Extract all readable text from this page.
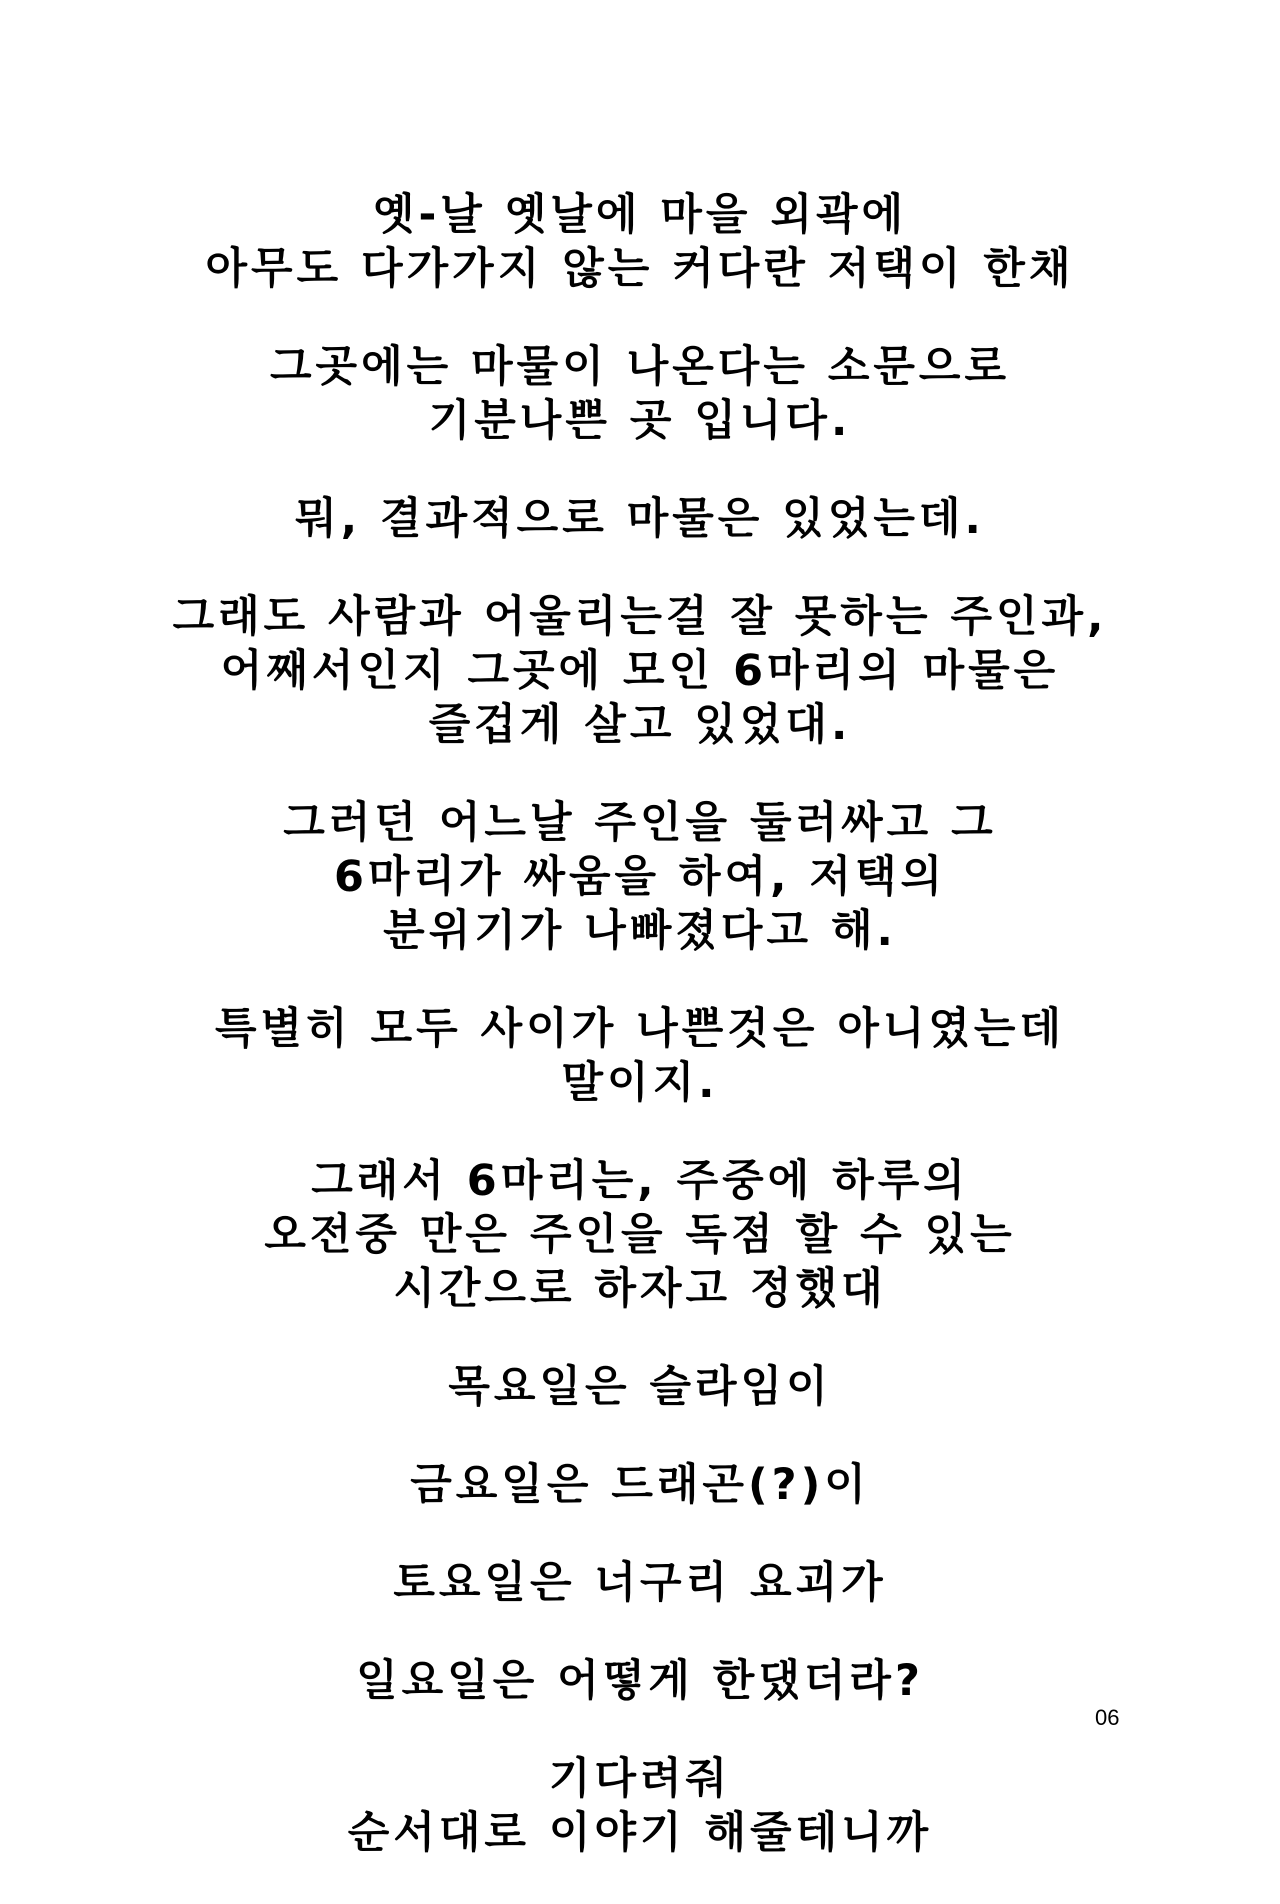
옛-날 옛날에 마을 외곽에
아무도 다가가지 않는 커다란 저택이 한채
그곳에는 마물이 나온다는 소문으로
기분나쁜 곳 입니다.
뭐, 결과적으로 마물은 있었는데.
그래도 사람과 어울리는걸 잘 못하는 주인과,
어째서인지 그곳에 모인 6마리의 마물은
즐겁게 살고 있었대.
그러던 어느날 주인을 둘러싸고 그
6마리가 싸움을 하여, 저택의
분위기가 나빠졌다고 해.
특별히 모두 사이가 나쁜것은 아니였는데
말이지.
그래서 6마리는, 주중에 하루의
오전중 만은 주인을 독점 할 수 있는
시간으로 하자고 정했대
목요일은 슬라임이
금요일은 드래곤(?)이
토요일은 너구리 요괴가
일요일은 어떻게 한댔더라?
기다려줘
순서대로 이야기 해줄테니까
06
